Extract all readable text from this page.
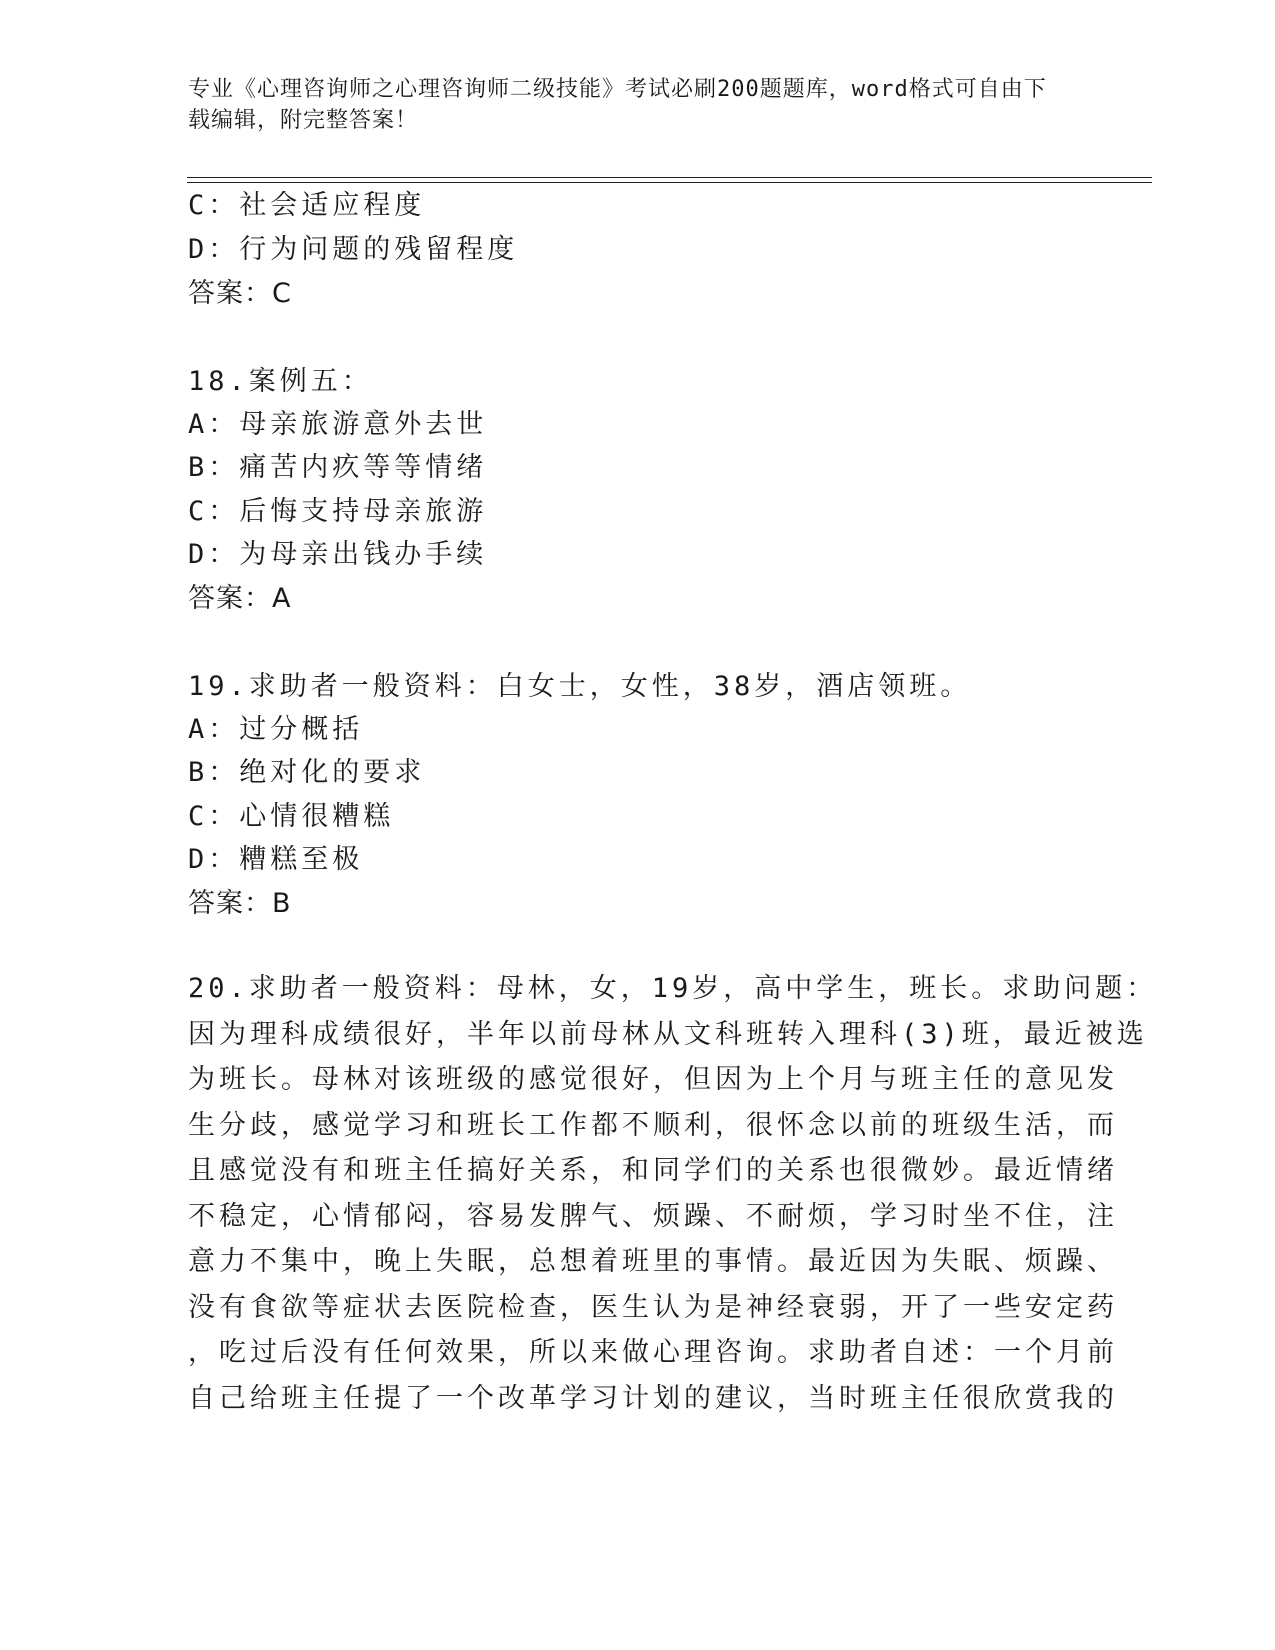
专业《心理咨询师之心理咨询师二级技能》考试必刷200题题库，word格式可自由下载编辑，附完整答案！
C：社会适应程度
D：行为问题的残留程度
答案：C
18.案例五：
A：母亲旅游意外去世
B：痛苦内疚等等情绪
C：后悔支持母亲旅游
D：为母亲出钱办手续
答案：A
19.求助者一般资料：白女士，女性，38岁，酒店领班。
A：过分概括
B：绝对化的要求
C：心情很糟糕
D：糟糕至极
答案：B
20.求助者一般资料：母林，女，19岁，高中学生，班长。求助问题：
因为理科成绩很好，半年以前母林从文科班转入理科(3)班，最近被选
为班长。母林对该班级的感觉很好，但因为上个月与班主任的意见发
生分歧，感觉学习和班长工作都不顺利，很怀念以前的班级生活，而
且感觉没有和班主任搞好关系，和同学们的关系也很微妙。最近情绪
不稳定，心情郁闷，容易发脾气、烦躁、不耐烦，学习时坐不住，注
意力不集中，晚上失眠，总想着班里的事情。最近因为失眠、烦躁、
没有食欲等症状去医院检查，医生认为是神经衰弱，开了一些安定药
，吃过后没有任何效果，所以来做心理咨询。求助者自述：一个月前
自己给班主任提了一个改革学习计划的建议，当时班主任很欣赏我的
